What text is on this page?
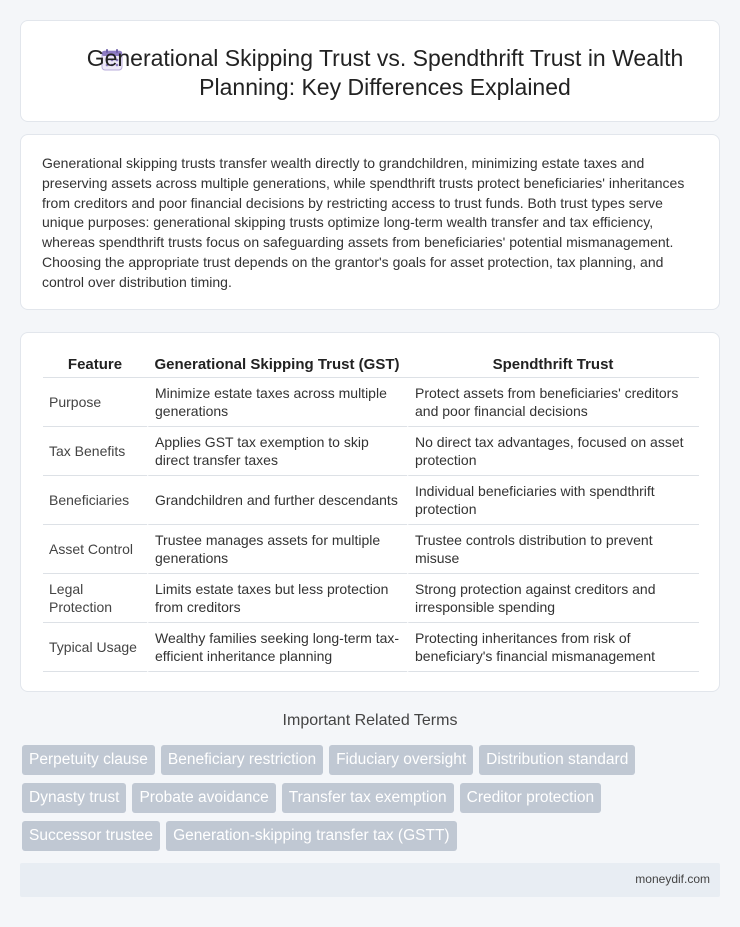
Generational Skipping Trust vs. Spendthrift Trust in Wealth Planning: Key Differences Explained

Generational skipping trusts transfer wealth directly to grandchildren, minimizing estate taxes and preserving assets across multiple generations, while spendthrift trusts protect beneficiaries' inheritances from creditors and poor financial decisions by restricting access to trust funds. Both trust types serve unique purposes: generational skipping trusts optimize long-term wealth transfer and tax efficiency, whereas spendthrift trusts focus on safeguarding assets from beneficiaries' potential mismanagement. Choosing the appropriate trust depends on the grantor's goals for asset protection, tax planning, and control over distribution timing.

Feature	Generational Skipping Trust (GST)	Spendthrift Trust
Purpose	Minimize estate taxes across multiple generations	Protect assets from beneficiaries' creditors and poor financial decisions
Tax Benefits	Applies GST tax exemption to skip direct transfer taxes	No direct tax advantages, focused on asset protection
Beneficiaries	Grandchildren and further descendants	Individual beneficiaries with spendthrift protection
Asset Control	Trustee manages assets for multiple generations	Trustee controls distribution to prevent misuse
Legal Protection	Limits estate taxes but less protection from creditors	Strong protection against creditors and irresponsible spending
Typical Usage	Wealthy families seeking long-term tax-efficient inheritance planning	Protecting inheritances from risk of beneficiary's financial mismanagement
Important Related Terms
Perpetuity clause	Beneficiary restriction	Fiduciary oversight	Distribution standard
Dynasty trust	Probate avoidance	Transfer tax exemption	Creditor protection
Successor trustee	Generation-skipping transfer tax (GSTT)
moneydif.com
